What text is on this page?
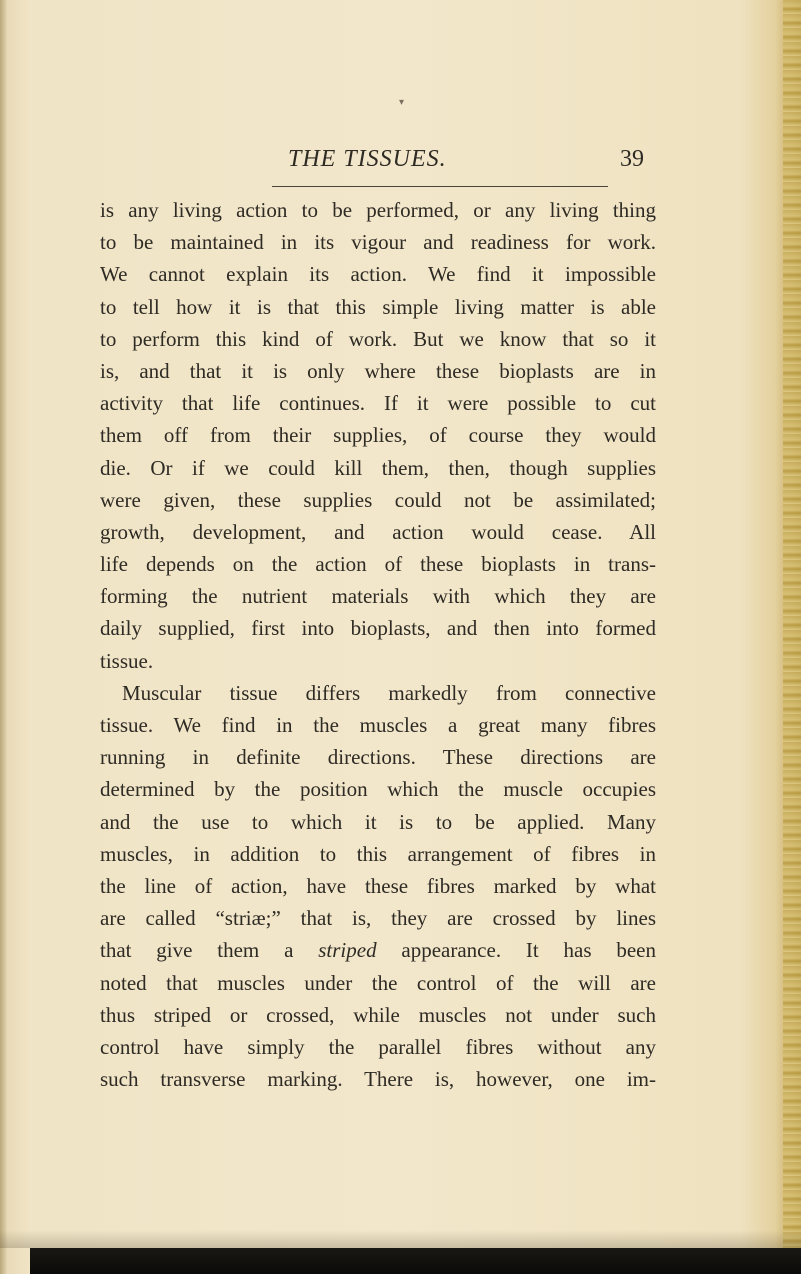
▾
THE TISSUES.	39
is any living action to be performed, or any living thing
to be maintained in its vigour and readiness for work.
We cannot explain its action. We find it impossible
to tell how it is that this simple living matter is able
to perform this kind of work. But we know that so it
is, and that it is only where these bioplasts are in
activity that life continues. If it were possible to cut
them off from their supplies, of course they would
die. Or if we could kill them, then, though supplies
were given, these supplies could not be assimilated;
growth, development, and action would cease. All
life depends on the action of these bioplasts in trans-
forming the nutrient materials with which they are
daily supplied, first into bioplasts, and then into formed
tissue.
Muscular tissue differs markedly from connective
tissue. We find in the muscles a great many fibres
running in definite directions. These directions are
determined by the position which the muscle occupies
and the use to which it is to be applied. Many
muscles, in addition to this arrangement of fibres in
the line of action, have these fibres marked by what
are called “striæ;” that is, they are crossed by lines
that give them a striped appearance. It has been
noted that muscles under the control of the will are
thus striped or crossed, while muscles not under such
control have simply the parallel fibres without any
such transverse marking. There is, however, one im-
